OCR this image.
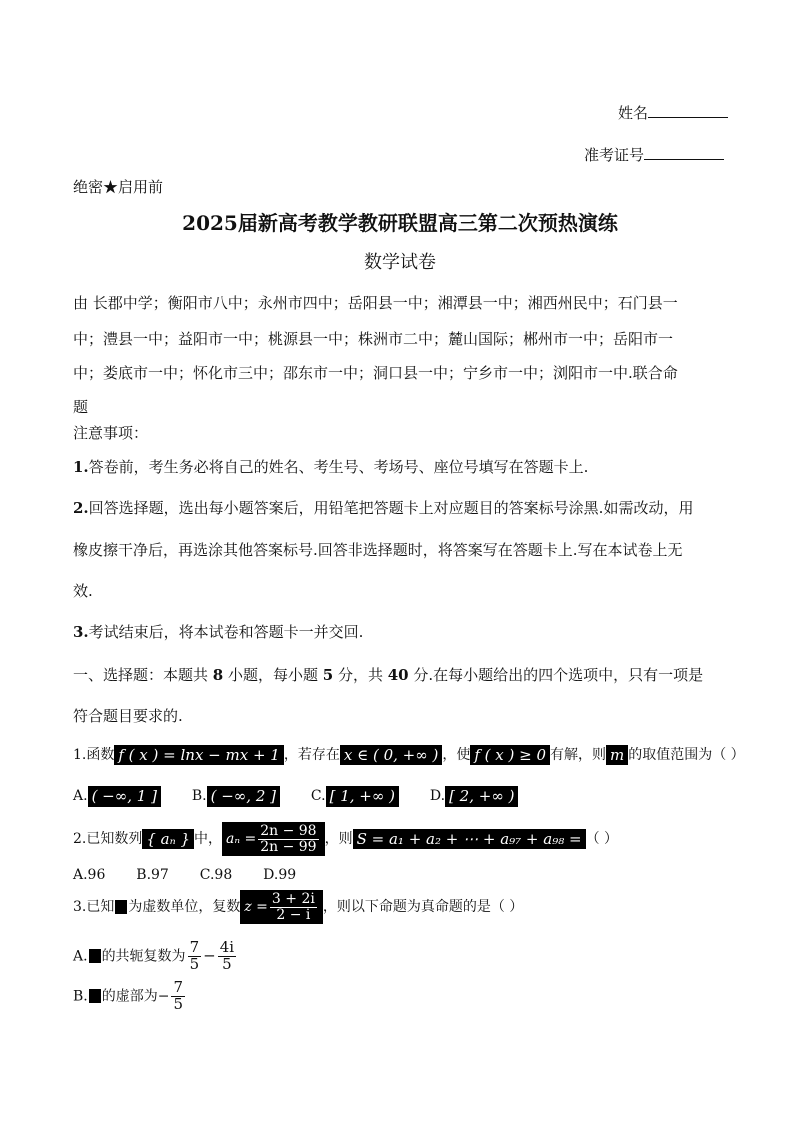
姓名
准考证号
绝密★启用前
2025届新高考教学教研联盟高三第二次预热演练
数学试卷
由 长郡中学；衡阳市八中；永州市四中；岳阳县一中；湘潭县一中；湘西州民中；石门县一
中；澧县一中；益阳市一中；桃源县一中；株洲市二中；麓山国际；郴州市一中；岳阳市一
中；娄底市一中；怀化市三中；邵东市一中；洞口县一中；宁乡市一中；浏阳市一中.联合命
题
注意事项：
1.答卷前，考生务必将自己的姓名、考生号、考场号、座位号填写在答题卡上.
2.回答选择题，选出每小题答案后，用铅笔把答题卡上对应题目的答案标号涂黑.如需改动，用
橡皮擦干净后，再选涂其他答案标号.回答非选择题时，将答案写在答题卡上.写在本试卷上无
效.
3.考试结束后，将本试卷和答题卡一并交回.
一、选择题：本题共 8 小题，每小题 5 分，共 40 分.在每小题给出的四个选项中，只有一项是
符合题目要求的.
1.函数 f ( x ) = lnx − mx + 1 ，若存在 x ∈ ( 0, +∞ ) ，使 f ( x ) ≥ 0 有解，则 m 的取值范围为（ ）
A. ( −∞, 1 ] B. ( −∞, 2 ] C. [ 1, +∞ ) D. [ 2, +∞ )
2.已知数列 { aₙ } 中， $a_n = \frac{2n - 98}{2n - 99}$ ，则 S = a₁ + a₂ + ⋯ + a₉₇ + a₉₈ = （ ）
A.96 B.97 C.98 D.99
3.已知 为虚数单位，复数 $z = \frac{3 + 2i}{2 - i}$ ，则以下命题为真命题的是（ ）
A. 的共轭复数为 $\frac{7}{5} - \frac{4i}{5}$
B. 的虚部为− $\frac{7}{5}$
